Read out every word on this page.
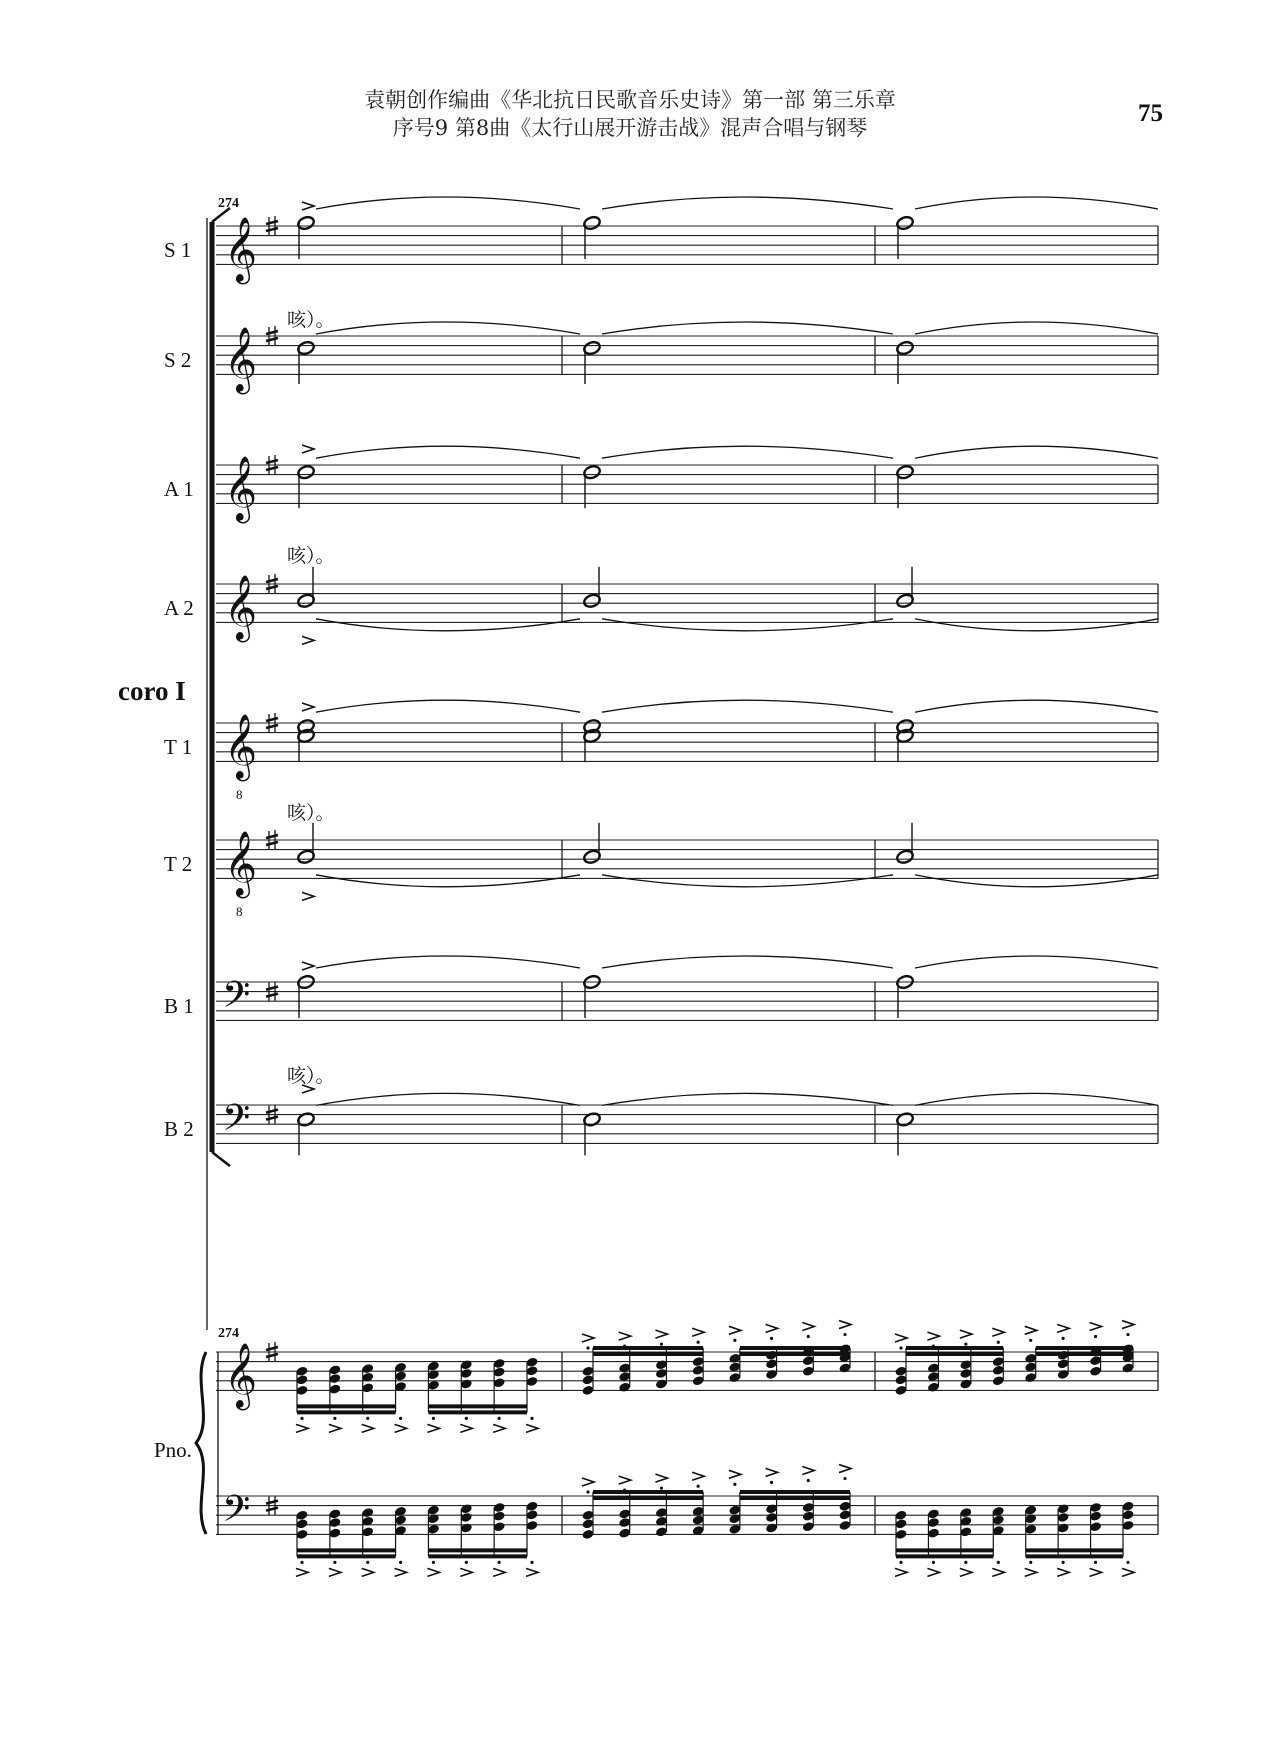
袁朝创作编曲《华北抗日民歌音乐史诗》第一部 第三乐章
序号9 第8曲《太行山展开游击战》混声合唱与钢琴
75
274
274
S 1
S 2
A 1
A 2
T 1
T 2
B 1
B 2
Pno.
coro I
咳）。
咳）。
咳）。
咳）。
𝄞
𝄞
𝄞
𝄞
𝄞
8
𝄞
8
𝄢
𝄢
𝄞
𝄢
